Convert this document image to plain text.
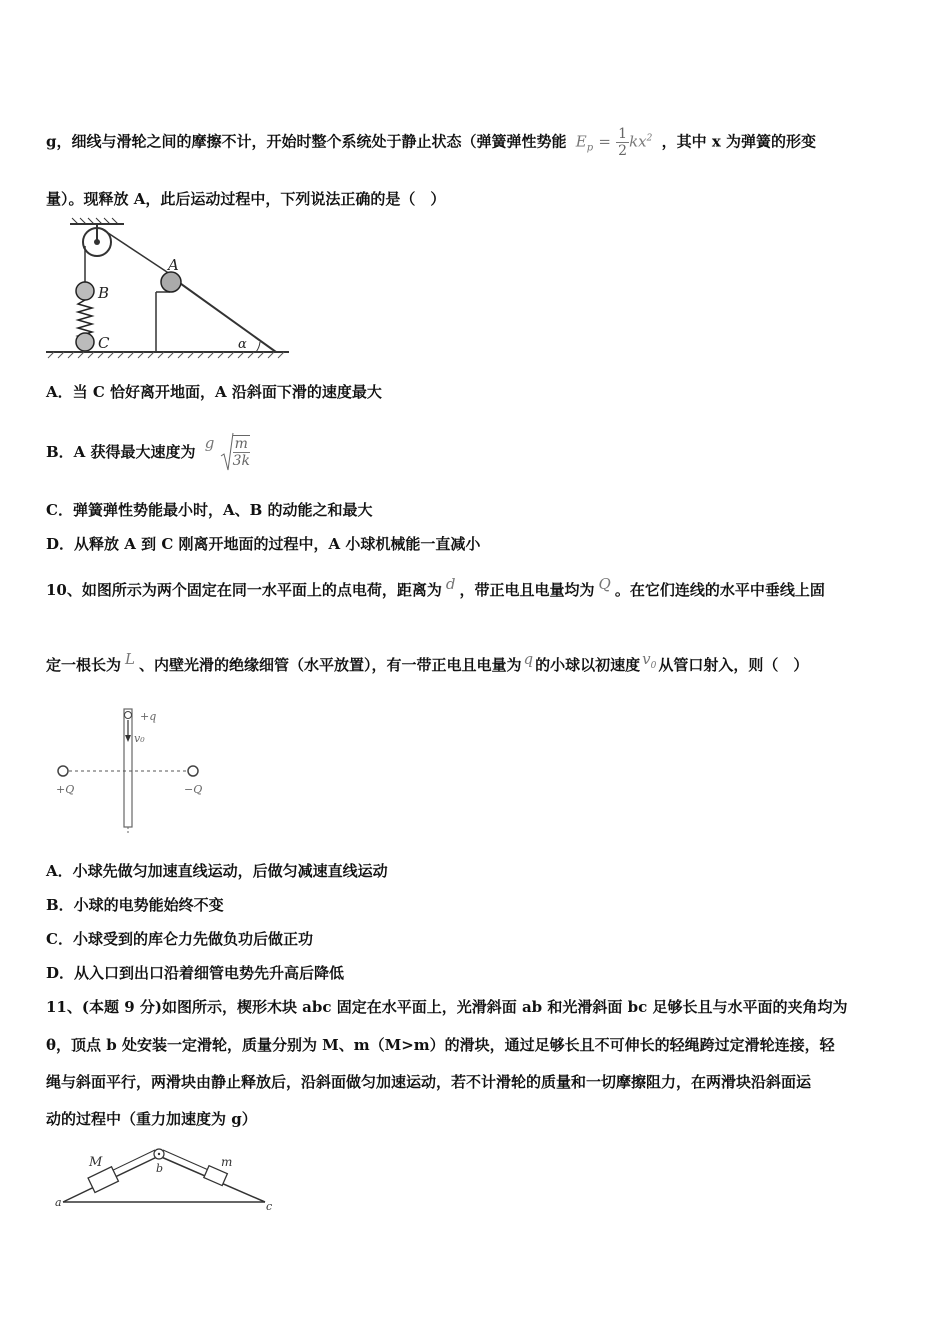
g，细线与滑轮之间的摩擦不计，开始时整个系统处于静止状态（弹簧弹性势能 $E_p = \frac{1}{2} kx^2$ ，其中 x 为弹簧的形变
量）。现释放 A，此后运动过程中，下列说法正确的是（　）
B
C	α
A
A．当 C 恰好离开地面，A 沿斜面下滑的速度最大
B．A 获得最大速度为 g $\frac{m}{3k}$
C．弹簧弹性势能最小时，A、B 的动能之和最大
D．从释放 A 到 C 刚离开地面的过程中，A 小球机械能一直减小
10、如图所示为两个固定在同一水平面上的点电荷，距离为 d ，带正电且电量均为 Q 。在它们连线的水平中垂线上固
定一根长为 L 、内壁光滑的绝缘细管（水平放置），有一带正电且电量为 q 的小球以初速度 $v_0$ 从管口射入，则（　）
+q
v₀
+Q	−Q
A．小球先做匀加速直线运动，后做匀减速直线运动
B．小球的电势能始终不变
C．小球受到的库仑力先做负功后做正功
D．从入口到出口沿着细管电势先升高后降低
11、(本题 9 分)如图所示，楔形木块 abc 固定在水平面上，光滑斜面 ab 和光滑斜面 bc 足够长且与水平面的夹角均为
θ，顶点 b 处安装一定滑轮，质量分别为 M、m（M>m）的滑块，通过足够长且不可伸长的轻绳跨过定滑轮连接，轻
绳与斜面平行，两滑块由静止释放后，沿斜面做匀加速运动，若不计滑轮的质量和一切摩擦阻力，在两滑块沿斜面运
动的过程中（重力加速度为 g）
M	m
b
a	c
